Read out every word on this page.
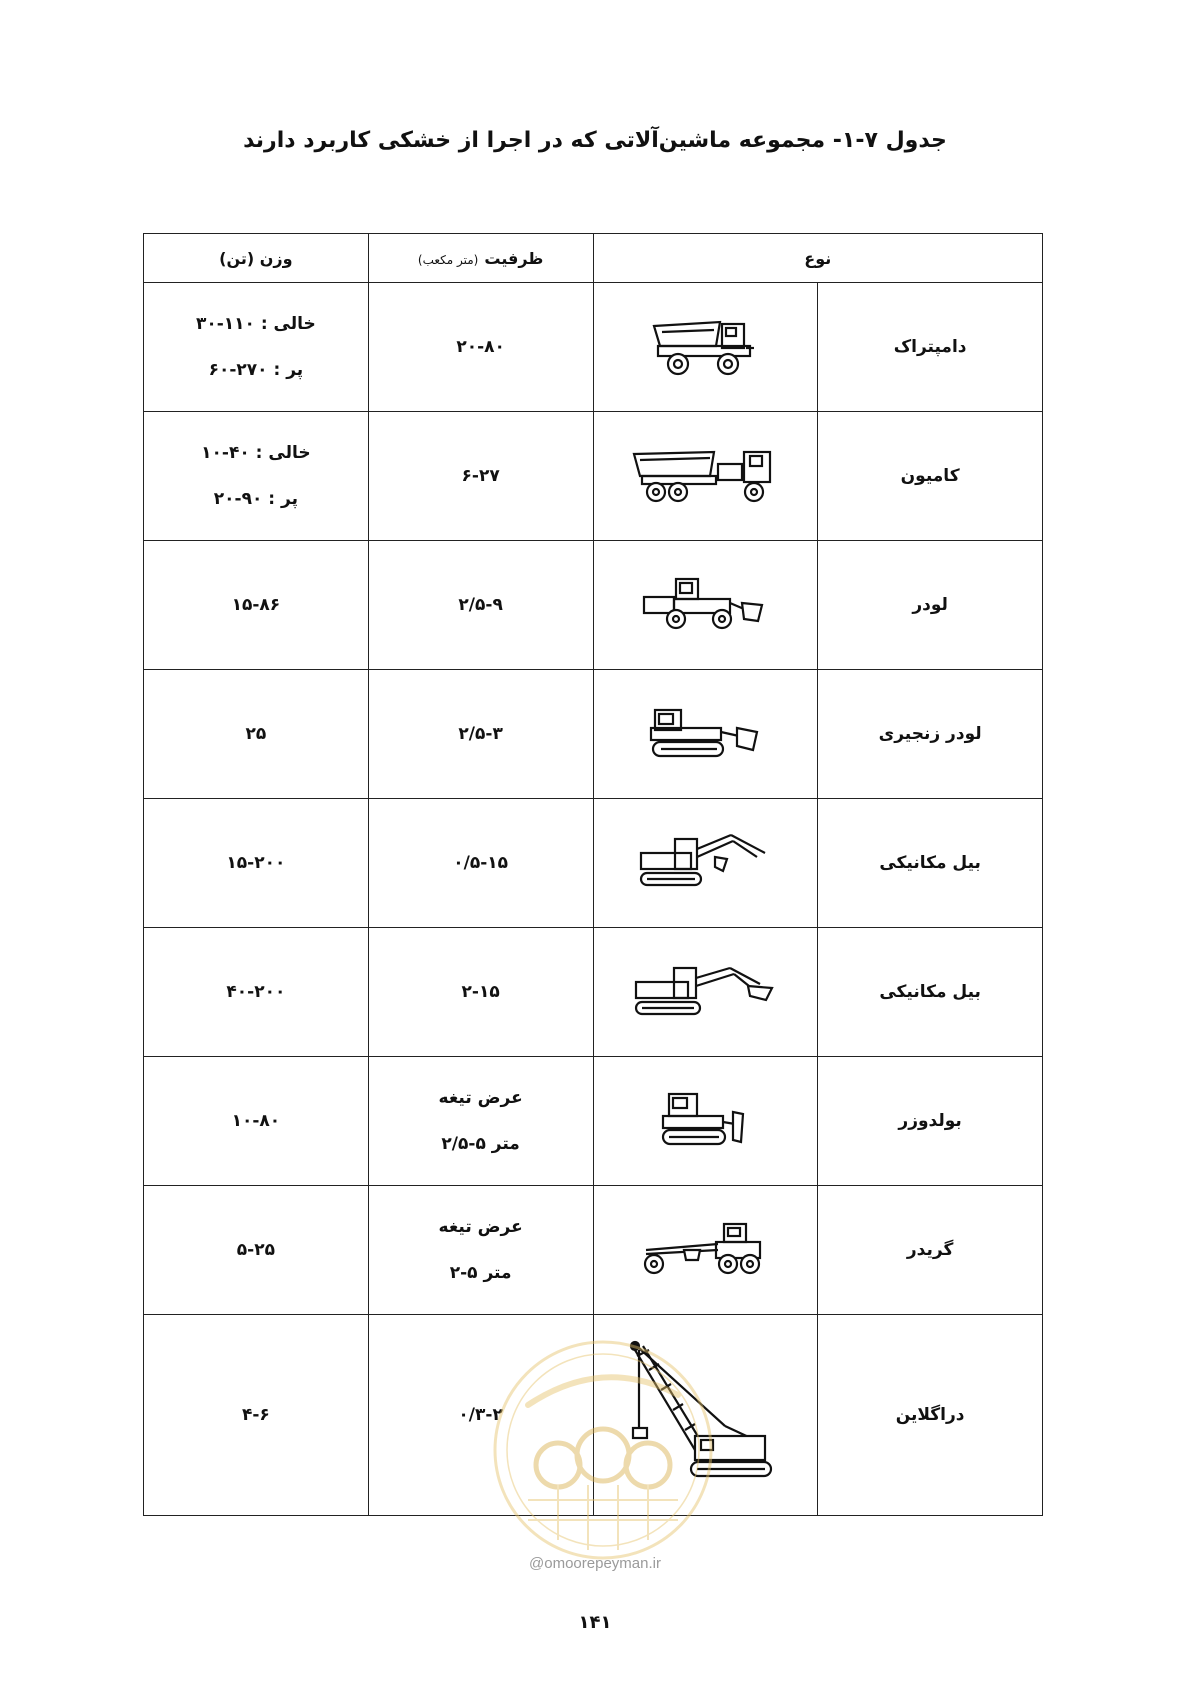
جدول ۷-۱- مجموعه ماشین‌آلاتی که در اجرا از خشکی کاربرد دارند
نوع		ظرفیت(متر مکعب)	وزن (تن)
دامپتراک		۲۰-۸۰	خالی : ۱۱۰-۳۰
پر : ۲۷۰-۶۰

کامیون		۶-۲۷	خالی : ۴۰-۱۰
پر : ۹۰-۲۰

لودر		۲/۵-۹	۱۵-۸۶

لودر زنجیری		۲/۵-۳	۲۵

بیل مکانیکی		۰/۵-۱۵	۱۵-۲۰۰

بیل مکانیکی		۲-۱۵	۴۰-۲۰۰

بولدوزر		عرض تیغه
متر ۵-۲/۵	۱۰-۸۰

گریدر		عرض تیغه
متر ۵-۲	۵-۲۵

دراگلاین		۰/۳-۲	۴-۶
@omoorepeyman.ir
۱۴۱
